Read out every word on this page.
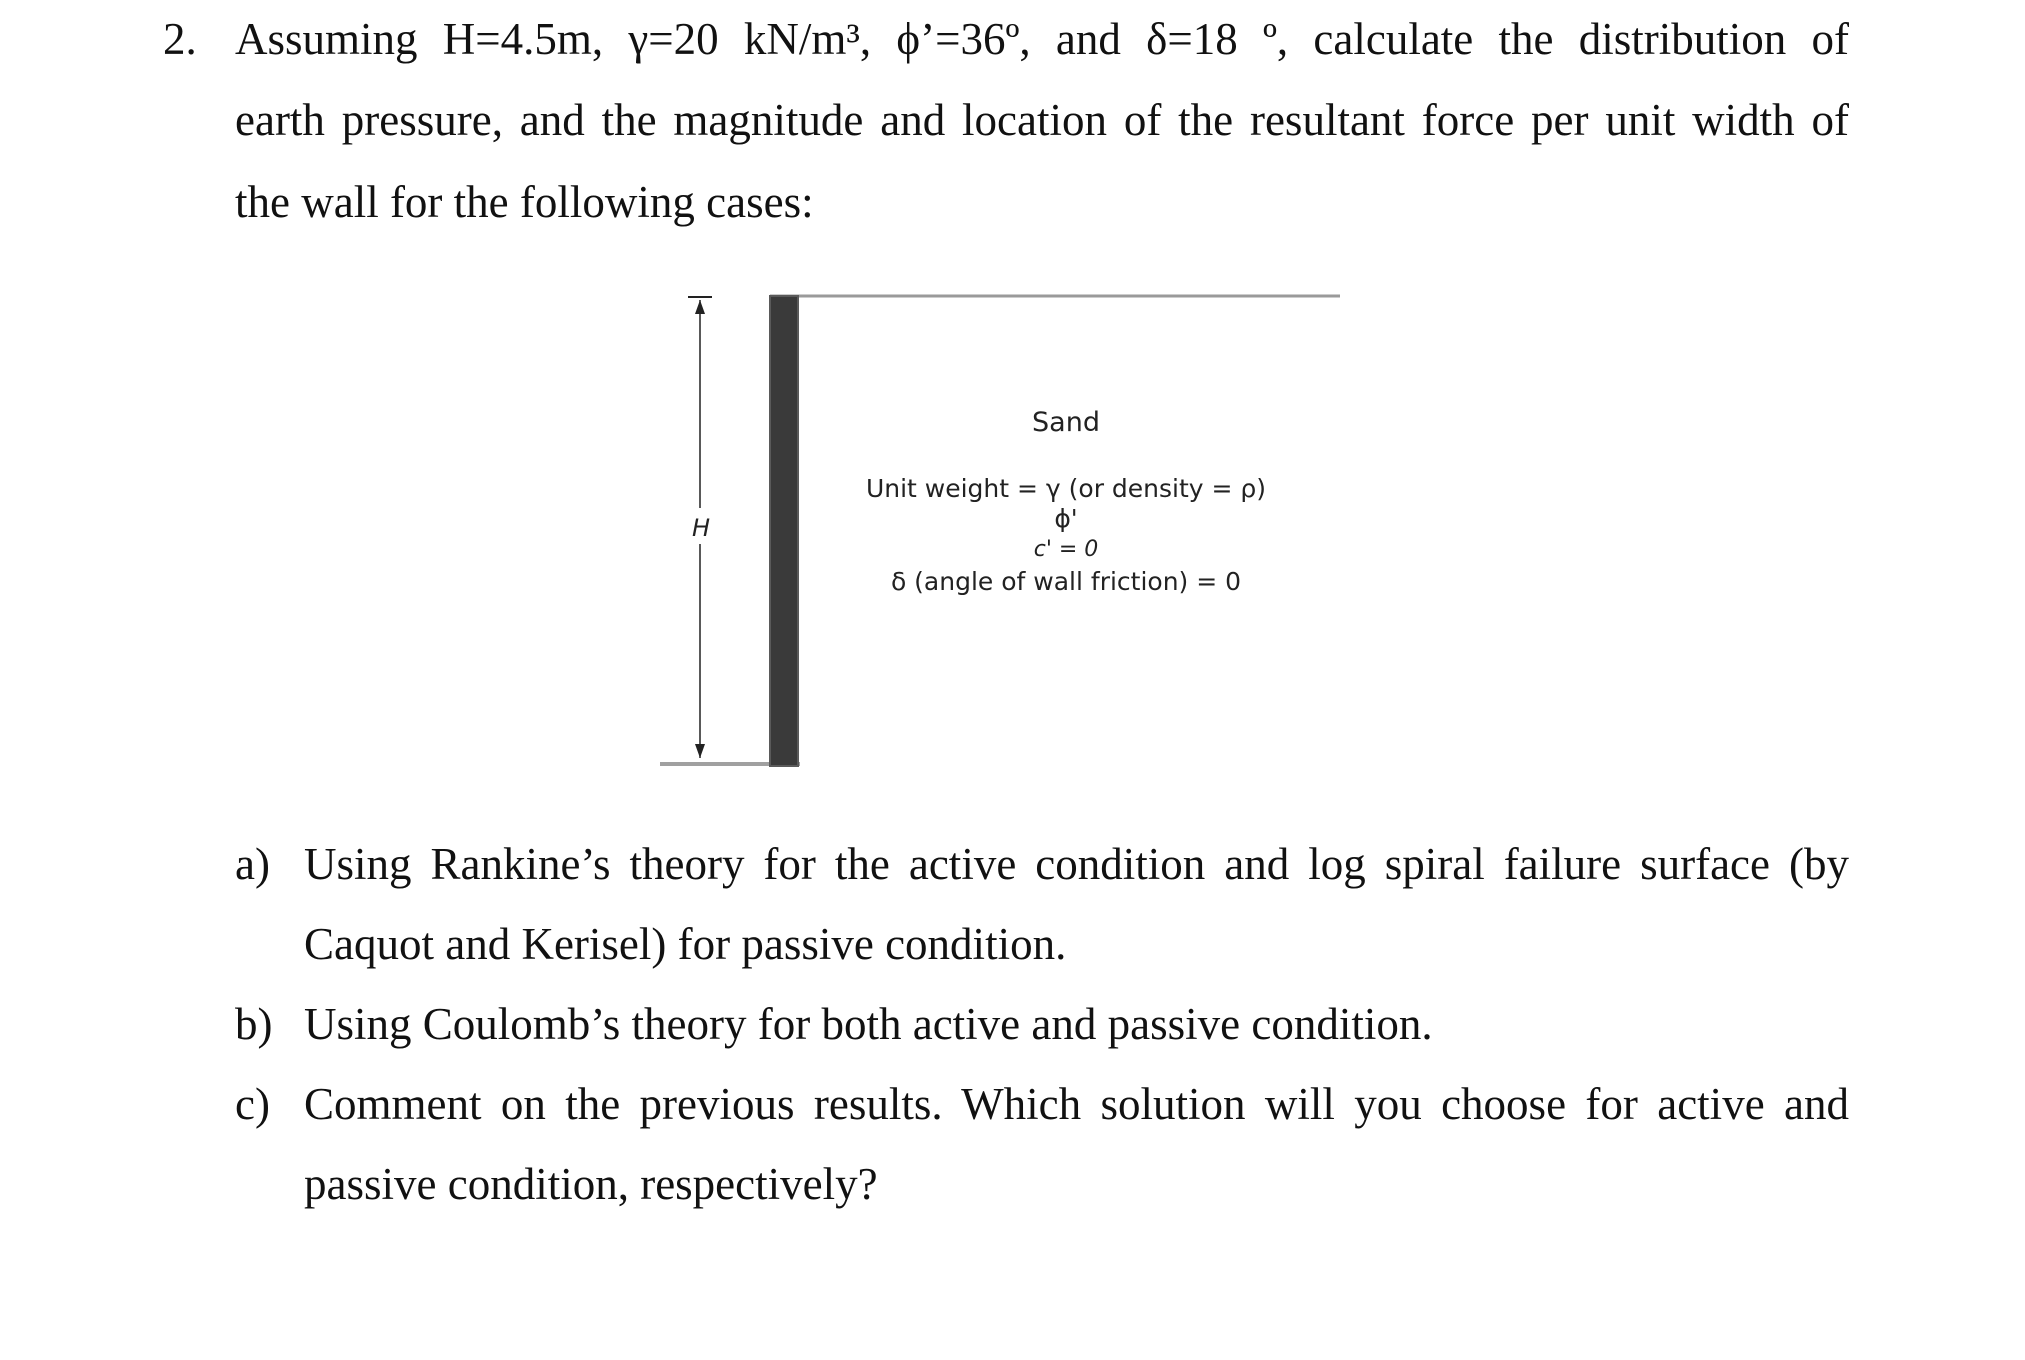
2. Assuming H=4.5m, γ=20 kN/m³, ϕ’=36º, and δ=18 º, calculate the distribution of
earth pressure, and the magnitude and location of the resultant force per unit width of
the wall for the following cases:
H
Sand
Unit weight = γ (or density = ρ)
ϕ'
c' = 0
δ (angle of wall friction) = 0
a) Using Rankine’s theory for the active condition and log spiral failure surface (by
Caquot and Kerisel) for passive condition.
b) Using Coulomb’s theory for both active and passive condition.
c) Comment on the previous results. Which solution will you choose for active and
passive condition, respectively?
